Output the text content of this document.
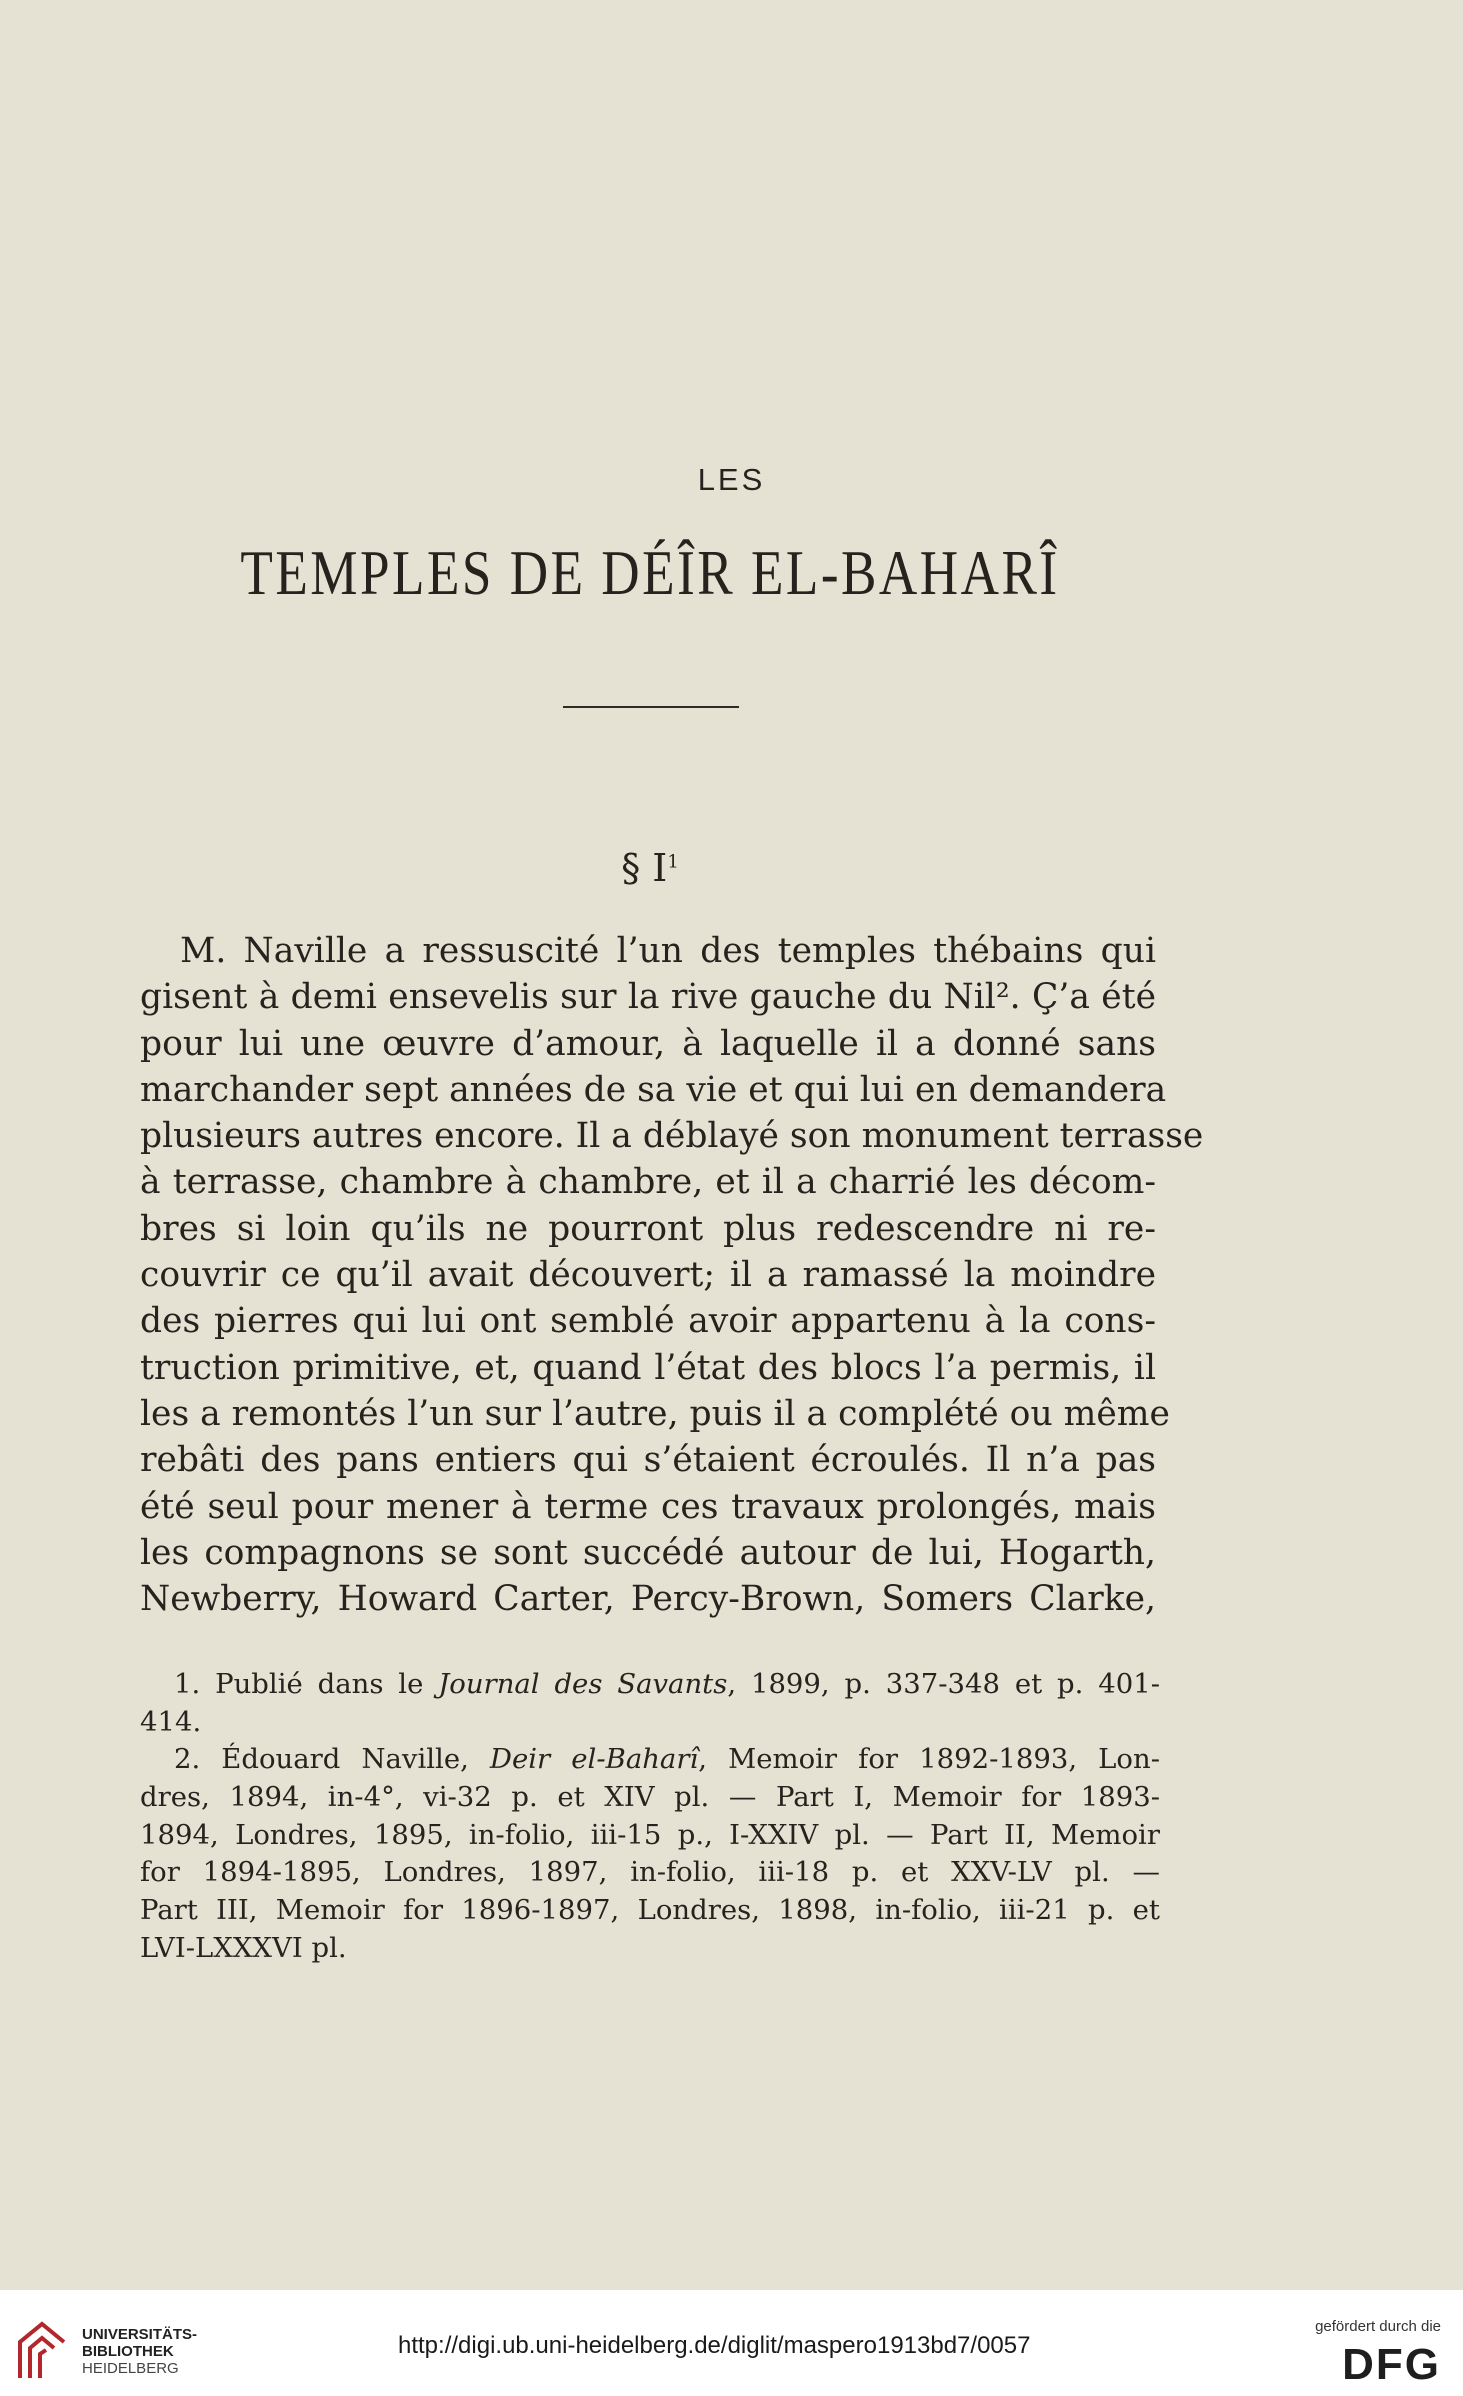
LES
TEMPLES DE DÉÎR EL-BAHARÎ
§ $I^1$
M. Naville a ressuscité l’un des temples thébains qui
gisent à demi ensevelis sur la rive gauche du Nil². Ç’a été
pour lui une œuvre d’amour, à laquelle il a donné sans
marchander sept années de sa vie et qui lui en demandera
plusieurs autres encore. Il a déblayé son monument terrasse
à terrasse, chambre à chambre, et il a charrié les décom-
bres si loin qu’ils ne pourront plus redescendre ni re-
couvrir ce qu’il avait découvert; il a ramassé la moindre
des pierres qui lui ont semblé avoir appartenu à la cons-
truction primitive, et, quand l’état des blocs l’a permis, il
les a remontés l’un sur l’autre, puis il a complété ou même
rebâti des pans entiers qui s’étaient écroulés. Il n’a pas
été seul pour mener à terme ces travaux prolongés, mais
les compagnons se sont succédé autour de lui, Hogarth,
Newberry, Howard Carter, Percy-Brown, Somers Clarke,
1. Publié dans le Journal des Savants, 1899, p. 337-348 et p. 401-
414.
2. Édouard Naville, Deir el-Baharî, Memoir for 1892-1893, Lon-
dres, 1894, in-4°, vi-32 p. et XIV pl. — Part I, Memoir for 1893-
1894, Londres, 1895, in-folio, iii-15 p., I-XXIV pl. — Part II, Memoir
for 1894-1895, Londres, 1897, in-folio, iii-18 p. et XXV-LV pl. —
Part III, Memoir for 1896-1897, Londres, 1898, in-folio, iii-21 p. et
LVI-LXXXVI pl.
UNIVERSITÄTS-
BIBLIOTHEK
HEIDELBERG
http://digi.ub.uni-heidelberg.de/diglit/maspero1913bd7/0057
gefördert durch die
DFG
